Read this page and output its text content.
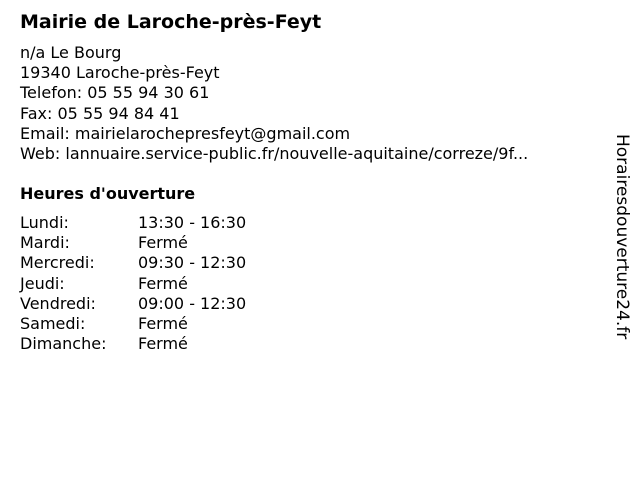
Mairie de Laroche-près-Feyt
n/a Le Bourg
19340 Laroche-près-Feyt
Telefon: 05 55 94 30 61
Fax: 05 55 94 84 41
Email: mairielarochepresfeyt@gmail.com
Web: lannuaire.service-public.fr/nouvelle-aquitaine/correze/9f...
Heures d'ouverture
Lundi:	13:30 - 16:30
Mardi:	Fermé
Mercredi:	09:30 - 12:30
Jeudi:	Fermé
Vendredi:	09:00 - 12:30
Samedi:	Fermé
Dimanche:	Fermé
Horairesdouverture24.fr
